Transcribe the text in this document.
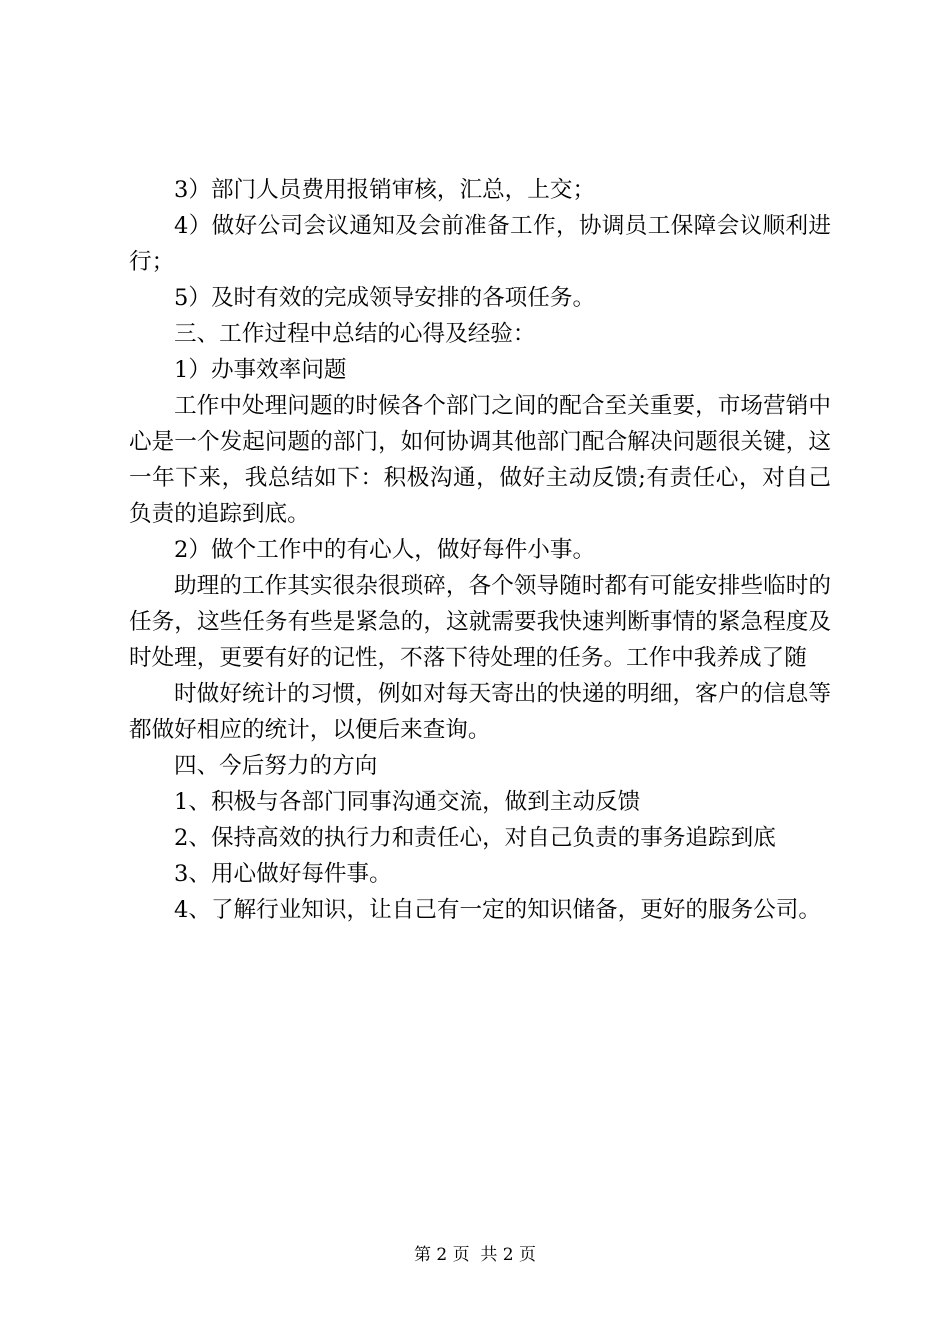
3）部门人员费用报销审核，汇总，上交；

4）做好公司会议通知及会前准备工作，协调员工保障会议顺利进行；

5）及时有效的完成领导安排的各项任务。

三、工作过程中总结的心得及经验：

1）办事效率问题

工作中处理问题的时候各个部门之间的配合至关重要，市场营销中心是一个发起问题的部门，如何协调其他部门配合解决问题很关键，这一年下来，我总结如下：积极沟通，做好主动反馈;有责任心，对自己负责的追踪到底。

2）做个工作中的有心人，做好每件小事。

助理的工作其实很杂很琐碎，各个领导随时都有可能安排些临时的任务，这些任务有些是紧急的，这就需要我快速判断事情的紧急程度及时处理，更要有好的记性，不落下待处理的任务。工作中我养成了随

时做好统计的习惯，例如对每天寄出的快递的明细，客户的信息等都做好相应的统计，以便后来查询。

四、今后努力的方向

1、积极与各部门同事沟通交流，做到主动反馈

2、保持高效的执行力和责任心，对自己负责的事务追踪到底

3、用心做好每件事。

4、了解行业知识，让自己有一定的知识储备，更好的服务公司。

第 2 页  共 2 页
